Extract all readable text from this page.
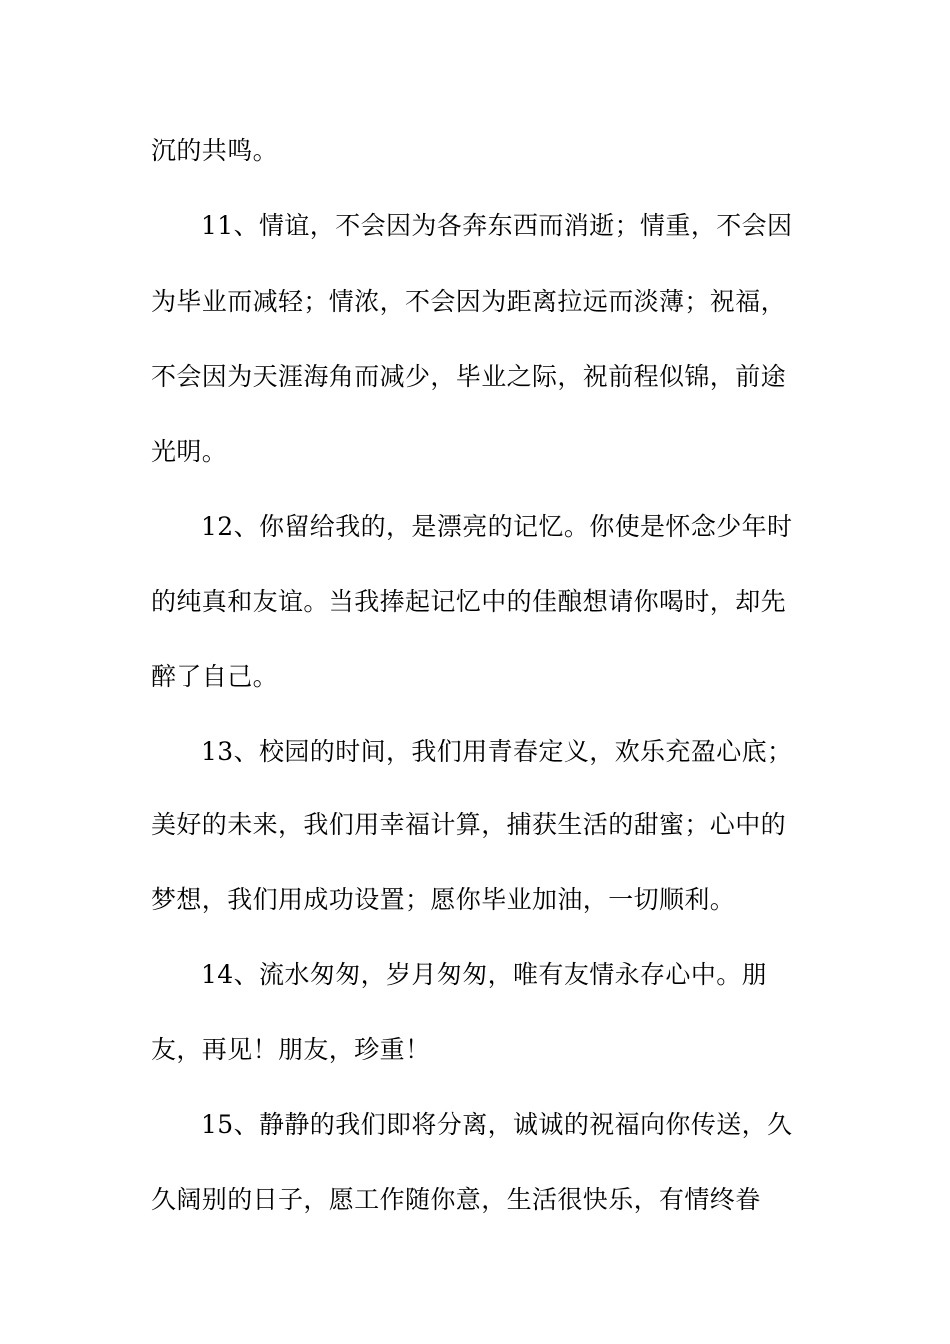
沉的共鸣。
11、情谊，不会因为各奔东西而消逝；情重，不会因
为毕业而减轻；情浓，不会因为距离拉远而淡薄；祝福，
不会因为天涯海角而减少，毕业之际，祝前程似锦，前途
光明。
12、你留给我的，是漂亮的记忆。你使是怀念少年时
的纯真和友谊。当我捧起记忆中的佳酿想请你喝时，却先
醉了自己。
13、校园的时间，我们用青春定义，欢乐充盈心底；
美好的未来，我们用幸福计算，捕获生活的甜蜜；心中的
梦想，我们用成功设置；愿你毕业加油，一切顺利。
14、流水匆匆，岁月匆匆，唯有友情永存心中。朋
友，再见！朋友，珍重！
15、静静的我们即将分离，诚诚的祝福向你传送，久
久阔别的日子，愿工作随你意，生活很快乐，有情终眷
